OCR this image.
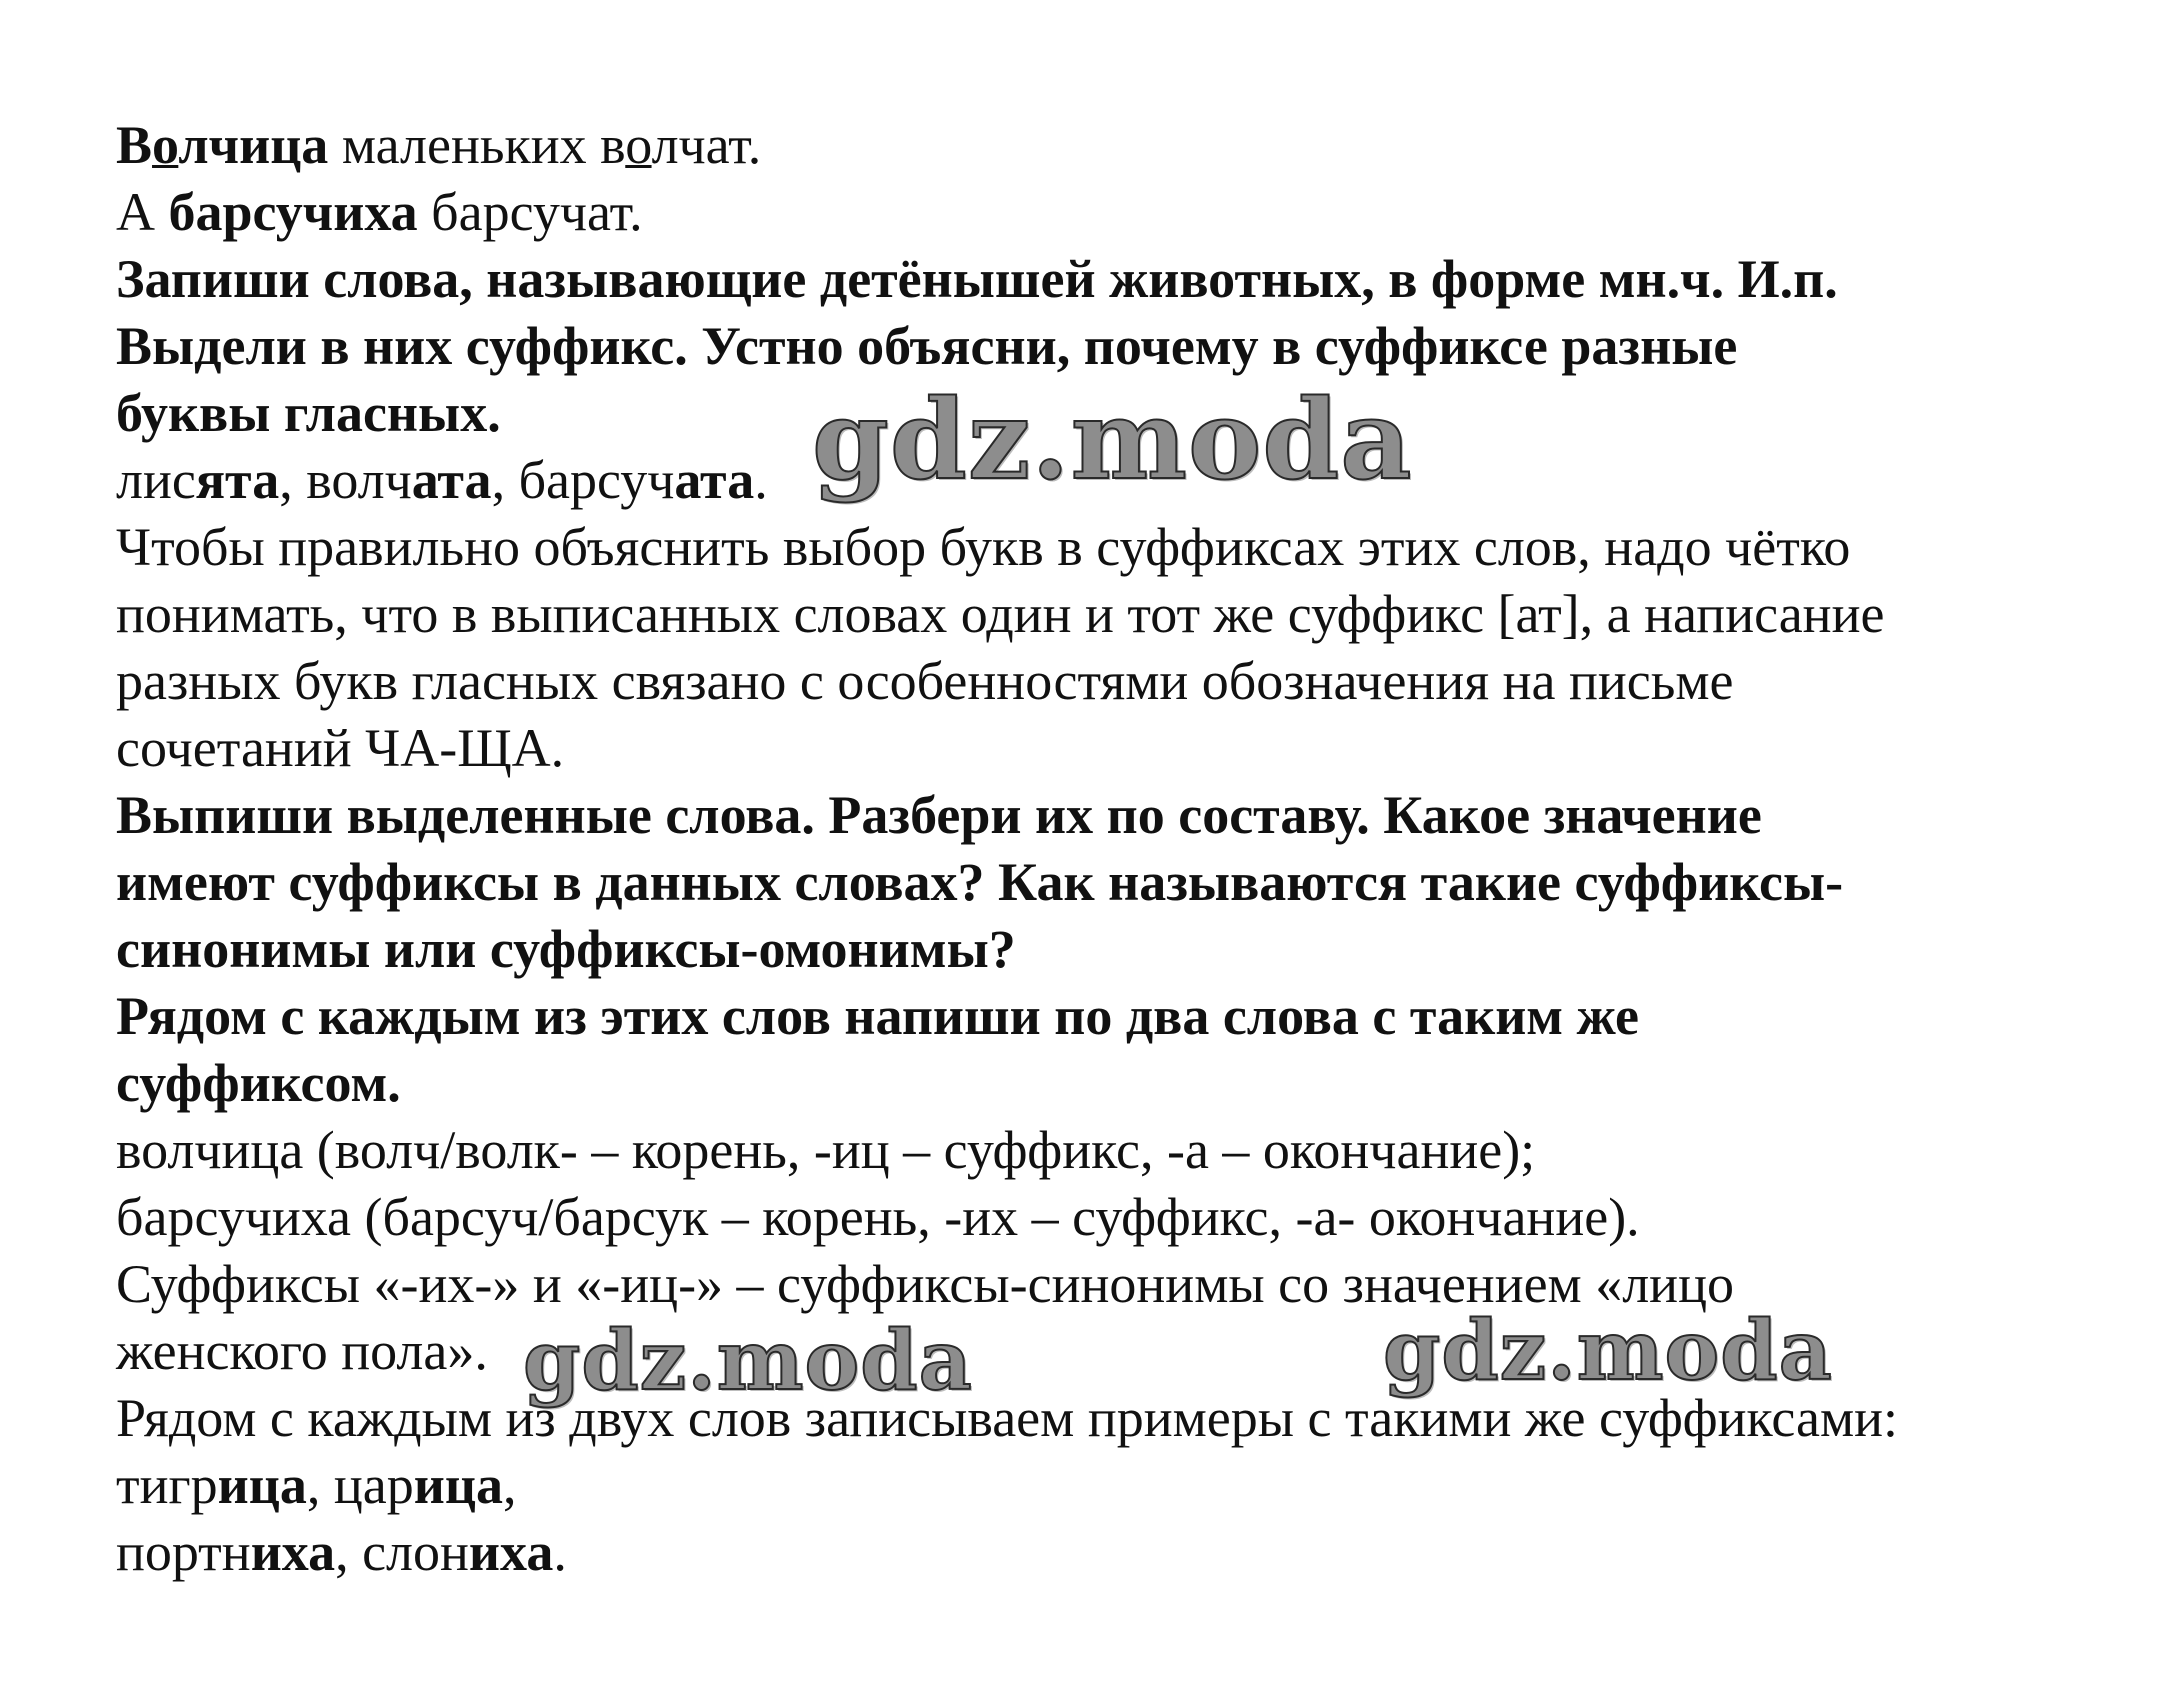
Волчица маленьких волчат.
А барсучиха барсучат.
Запиши слова, называющие детёнышей животных, в форме мн.ч. И.п.
Выдели в них суффикс. Устно объясни, почему в суффиксе разные
буквы гласных.
лисята, волчата, барсучата.
Чтобы правильно объяснить выбор букв в суффиксах этих слов, надо чётко
понимать, что в выписанных словах один и тот же суффикс [ат], а написание
разных букв гласных связано с особенностями обозначения на письме
сочетаний ЧА-ЩА.
Выпиши выделенные слова. Разбери их по составу. Какое значение
имеют суффиксы в данных словах? Как называются такие суффиксы-
синонимы или суффиксы-омонимы?
Рядом с каждым из этих слов напиши по два слова с таким же
суффиксом.
волчица (волч/волк- – корень, -иц – суффикс, -а – окончание);
барсучиха (барсуч/барсук – корень, -их – суффикс, -а- окончание).
Суффиксы «-их-» и «-иц-» – суффиксы-синонимы со значением «лицо
женского пола».
Рядом с каждым из двух слов записываем примеры с такими же суффиксами:
тигрица, царица,
портниха, слониха.
gdz.moda
gdz.moda	gdz.moda
